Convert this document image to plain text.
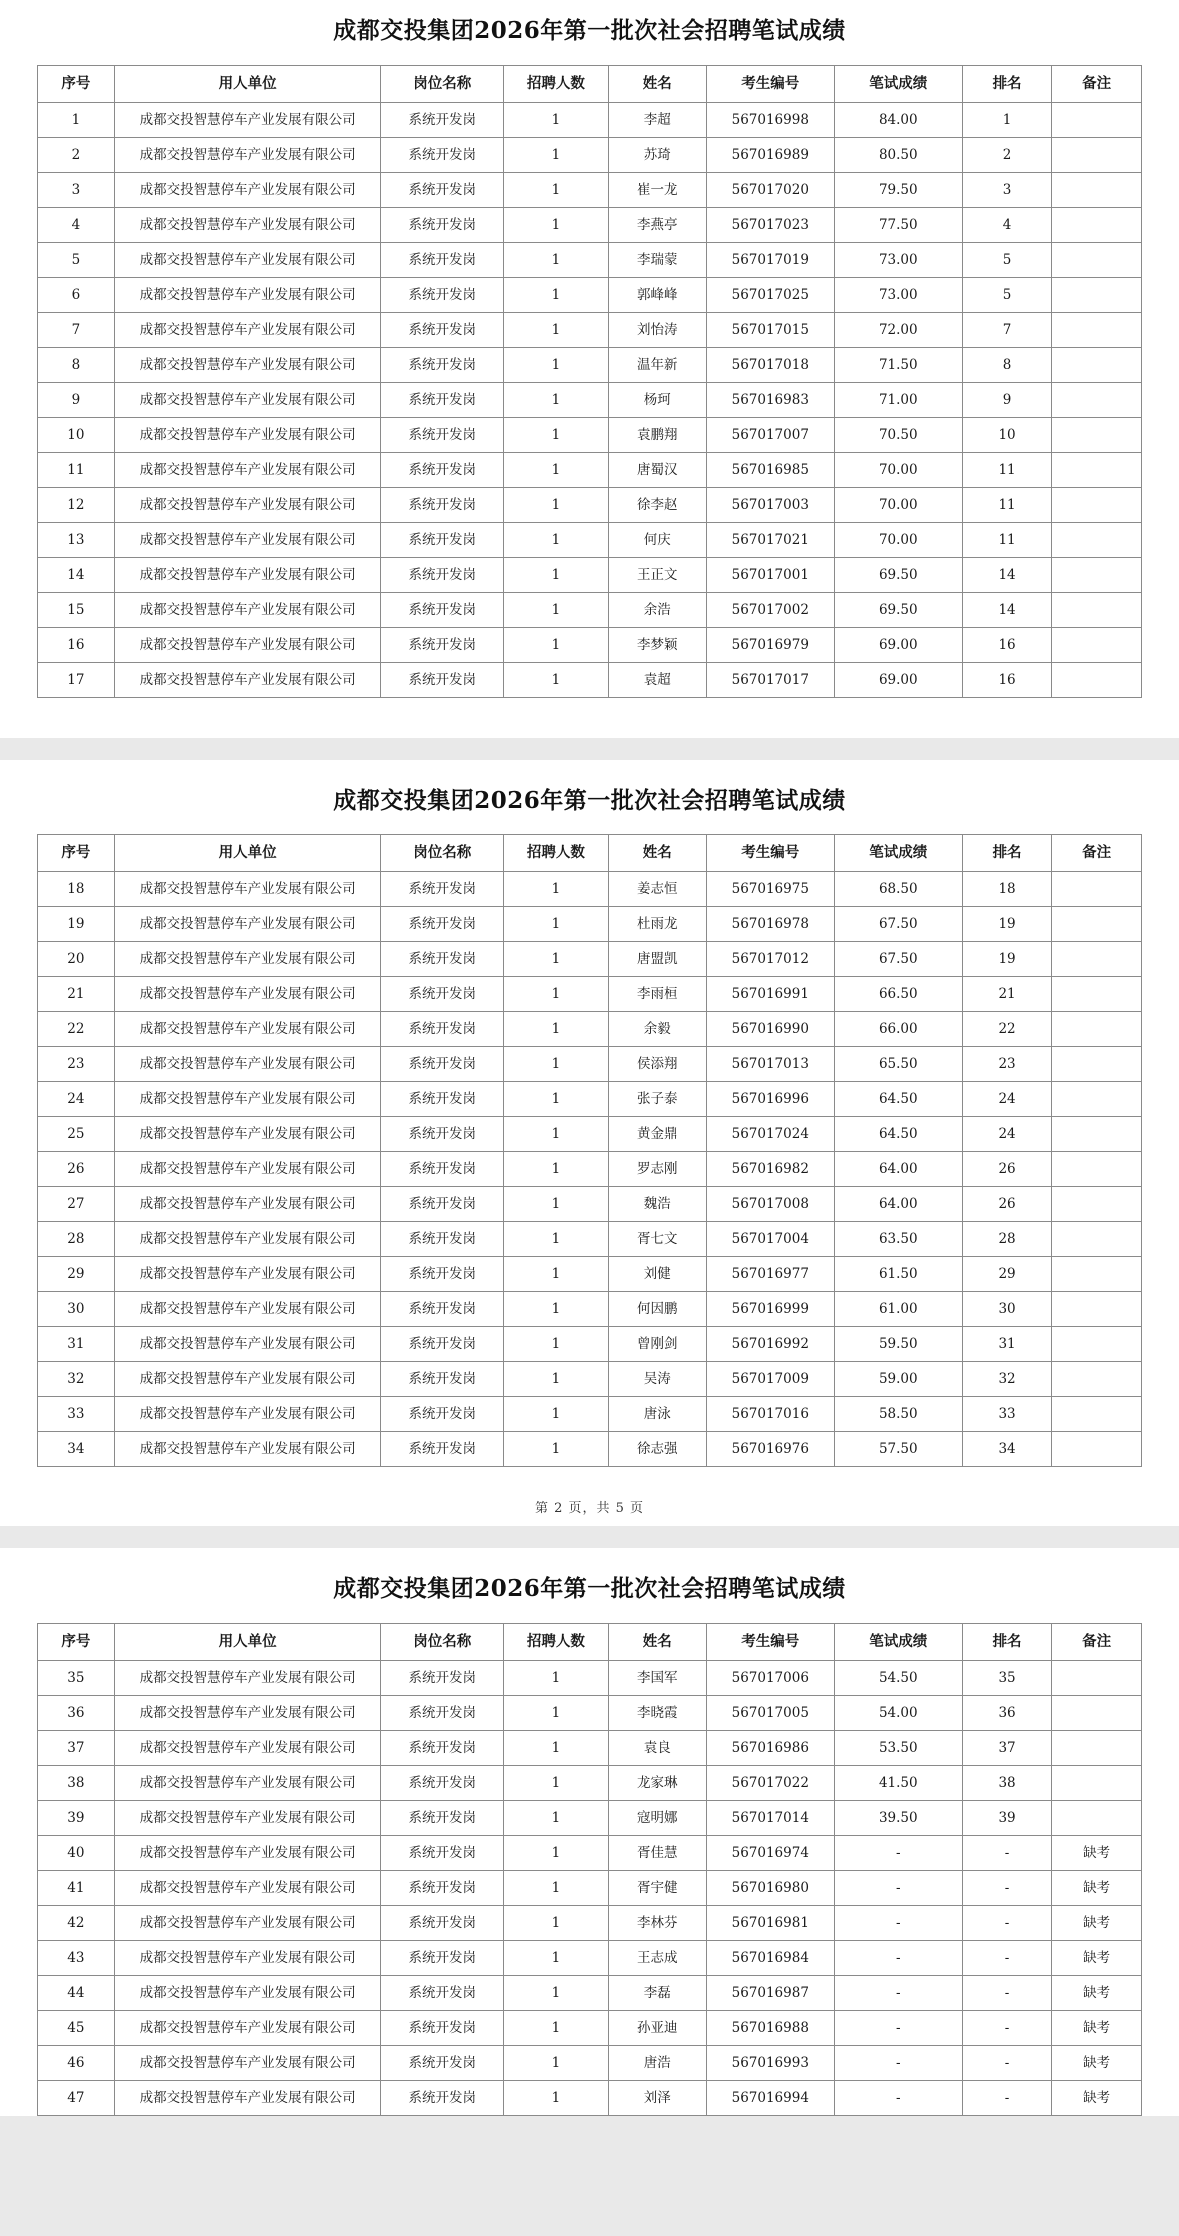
成都交投集团2026年第一批次社会招聘笔试成绩
序号	用人单位	岗位名称	招聘人数	姓名	考生编号	笔试成绩	排名	备注
1	成都交投智慧停车产业发展有限公司	系统开发岗	1	李超	567016998	84.00	1	
2	成都交投智慧停车产业发展有限公司	系统开发岗	1	苏琦	567016989	80.50	2	
3	成都交投智慧停车产业发展有限公司	系统开发岗	1	崔一龙	567017020	79.50	3	
4	成都交投智慧停车产业发展有限公司	系统开发岗	1	李燕亭	567017023	77.50	4	
5	成都交投智慧停车产业发展有限公司	系统开发岗	1	李瑞蒙	567017019	73.00	5	
6	成都交投智慧停车产业发展有限公司	系统开发岗	1	郭峰峰	567017025	73.00	5	
7	成都交投智慧停车产业发展有限公司	系统开发岗	1	刘怡涛	567017015	72.00	7	
8	成都交投智慧停车产业发展有限公司	系统开发岗	1	温年新	567017018	71.50	8	
9	成都交投智慧停车产业发展有限公司	系统开发岗	1	杨珂	567016983	71.00	9	
10	成都交投智慧停车产业发展有限公司	系统开发岗	1	袁鹏翔	567017007	70.50	10	
11	成都交投智慧停车产业发展有限公司	系统开发岗	1	唐蜀汉	567016985	70.00	11	
12	成都交投智慧停车产业发展有限公司	系统开发岗	1	徐李赵	567017003	70.00	11	
13	成都交投智慧停车产业发展有限公司	系统开发岗	1	何庆	567017021	70.00	11	
14	成都交投智慧停车产业发展有限公司	系统开发岗	1	王正文	567017001	69.50	14	
15	成都交投智慧停车产业发展有限公司	系统开发岗	1	余浩	567017002	69.50	14	
16	成都交投智慧停车产业发展有限公司	系统开发岗	1	李梦颖	567016979	69.00	16	
17	成都交投智慧停车产业发展有限公司	系统开发岗	1	袁超	567017017	69.00	16	
成都交投集团2026年第一批次社会招聘笔试成绩
序号	用人单位	岗位名称	招聘人数	姓名	考生编号	笔试成绩	排名	备注
18	成都交投智慧停车产业发展有限公司	系统开发岗	1	姜志恒	567016975	68.50	18	
19	成都交投智慧停车产业发展有限公司	系统开发岗	1	杜雨龙	567016978	67.50	19	
20	成都交投智慧停车产业发展有限公司	系统开发岗	1	唐盟凯	567017012	67.50	19	
21	成都交投智慧停车产业发展有限公司	系统开发岗	1	李雨桓	567016991	66.50	21	
22	成都交投智慧停车产业发展有限公司	系统开发岗	1	余毅	567016990	66.00	22	
23	成都交投智慧停车产业发展有限公司	系统开发岗	1	侯添翔	567017013	65.50	23	
24	成都交投智慧停车产业发展有限公司	系统开发岗	1	张子泰	567016996	64.50	24	
25	成都交投智慧停车产业发展有限公司	系统开发岗	1	黄金鼎	567017024	64.50	24	
26	成都交投智慧停车产业发展有限公司	系统开发岗	1	罗志刚	567016982	64.00	26	
27	成都交投智慧停车产业发展有限公司	系统开发岗	1	魏浩	567017008	64.00	26	
28	成都交投智慧停车产业发展有限公司	系统开发岗	1	胥七文	567017004	63.50	28	
29	成都交投智慧停车产业发展有限公司	系统开发岗	1	刘健	567016977	61.50	29	
30	成都交投智慧停车产业发展有限公司	系统开发岗	1	何因鹏	567016999	61.00	30	
31	成都交投智慧停车产业发展有限公司	系统开发岗	1	曾刚剑	567016992	59.50	31	
32	成都交投智慧停车产业发展有限公司	系统开发岗	1	吴涛	567017009	59.00	32	
33	成都交投智慧停车产业发展有限公司	系统开发岗	1	唐泳	567017016	58.50	33	
34	成都交投智慧停车产业发展有限公司	系统开发岗	1	徐志强	567016976	57.50	34	
第 2 页，共 5 页
成都交投集团2026年第一批次社会招聘笔试成绩
序号	用人单位	岗位名称	招聘人数	姓名	考生编号	笔试成绩	排名	备注
35	成都交投智慧停车产业发展有限公司	系统开发岗	1	李国军	567017006	54.50	35	
36	成都交投智慧停车产业发展有限公司	系统开发岗	1	李晓霞	567017005	54.00	36	
37	成都交投智慧停车产业发展有限公司	系统开发岗	1	袁良	567016986	53.50	37	
38	成都交投智慧停车产业发展有限公司	系统开发岗	1	龙家琳	567017022	41.50	38	
39	成都交投智慧停车产业发展有限公司	系统开发岗	1	寇明娜	567017014	39.50	39	
40	成都交投智慧停车产业发展有限公司	系统开发岗	1	胥佳慧	567016974	-	-	缺考
41	成都交投智慧停车产业发展有限公司	系统开发岗	1	胥宇健	567016980	-	-	缺考
42	成都交投智慧停车产业发展有限公司	系统开发岗	1	李林芬	567016981	-	-	缺考
43	成都交投智慧停车产业发展有限公司	系统开发岗	1	王志成	567016984	-	-	缺考
44	成都交投智慧停车产业发展有限公司	系统开发岗	1	李磊	567016987	-	-	缺考
45	成都交投智慧停车产业发展有限公司	系统开发岗	1	孙亚迪	567016988	-	-	缺考
46	成都交投智慧停车产业发展有限公司	系统开发岗	1	唐浩	567016993	-	-	缺考
47	成都交投智慧停车产业发展有限公司	系统开发岗	1	刘泽	567016994	-	-	缺考
